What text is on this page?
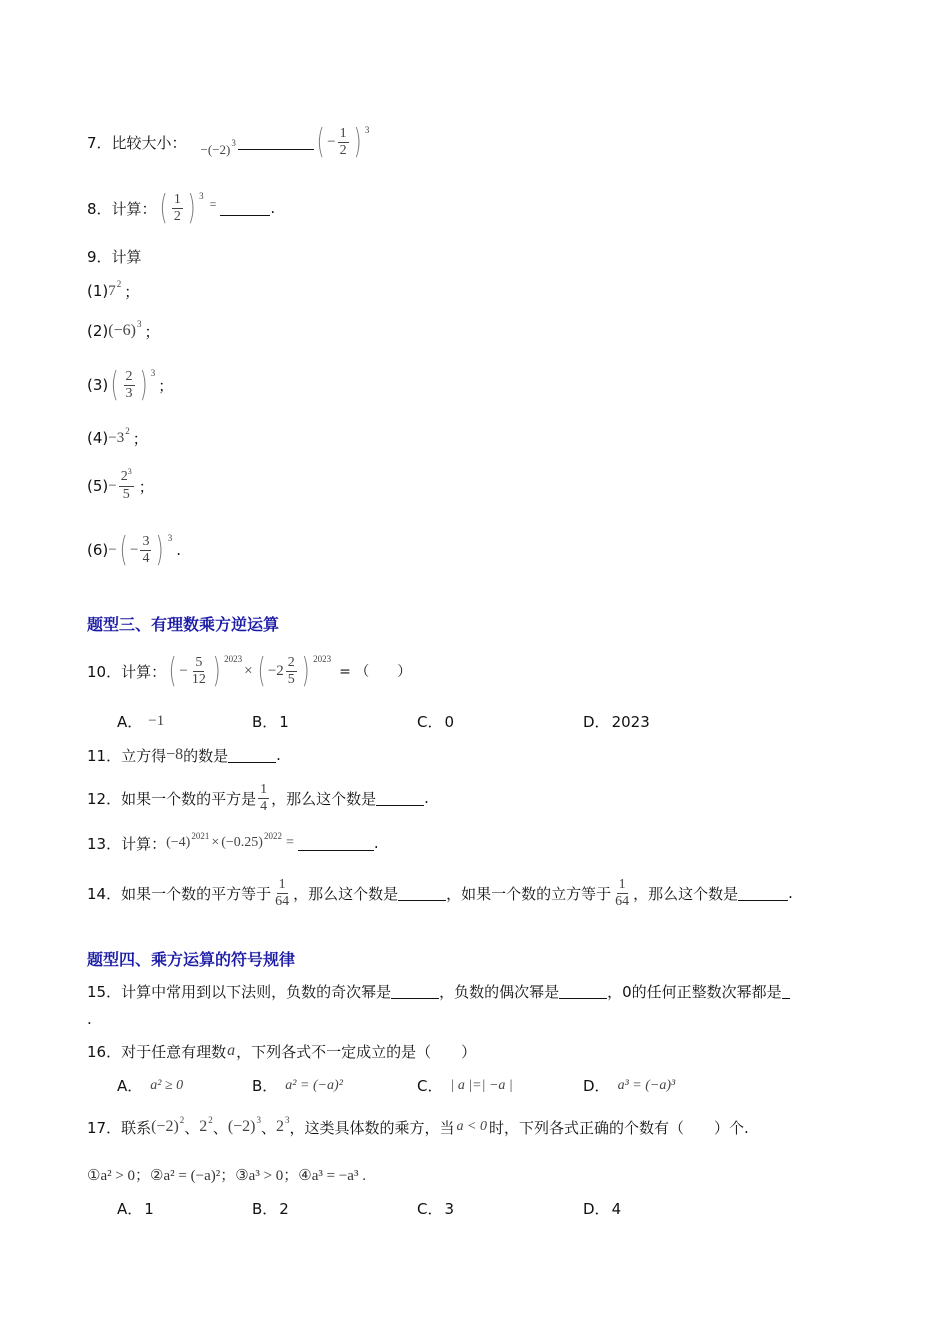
7．比较大小： −(−2) 3 ( − $\frac{1}{2}$ ) 3
8．计算： ( $\frac{1}{2}$ ) 3
=	.
9．计算
(1) 7 2 ；
(2) (−6) 3 ；
(3) ( $\frac{2}{3}$ ) 3
；
(4) −3 2 ；
$(5) - \frac{2^3}{5}$ ；
(6) − ( − $\frac{3}{4}$ ) 3
.
题型三、有理数乘方逆运算
10．计算： ( − $\frac{5}{12}$ ) 2023
× ( $-2 \frac{2}{5}$ ) 2023
= （　　）
A． −1	B． 1	C． 0	D． 2023
11．立方得 −8 的数是	.
12．如果一个数的平方是 $\frac{1}{4}$ ，那么这个数是	.
13．计算： (−4) 2021 × (−0.25) 2022 =	.
14．如果一个数的平方等于 $\frac{1}{64}$ ，那么这个数是	，如果一个数的立方等于 $\frac{1}{64}$ ，那么这个数是	.
题型四、乘方运算的符号规律
15．计算中常用到以下法则，负数的奇次幂是	，负数的偶次幂是	，0的任何正整数次幂都是
.
16．对于任意有理数 a ，下列各式不一定成立的是（　　）
A． a² ≥ 0	B． a² = (−a)²	C． | a |=| −a |	D． a³ = (−a)³
17．联系 (−2) 2 、 2 2 、 (−2) 3 、 2 3 ，这类具体数的乘方，当 a < 0 时，下列各式正确的个数有（　　）个.
①a² > 0；②a² = (−a)²；③a³ > 0；④a³ = −a³ .
A． 1	B． 2	C． 3	D． 4
